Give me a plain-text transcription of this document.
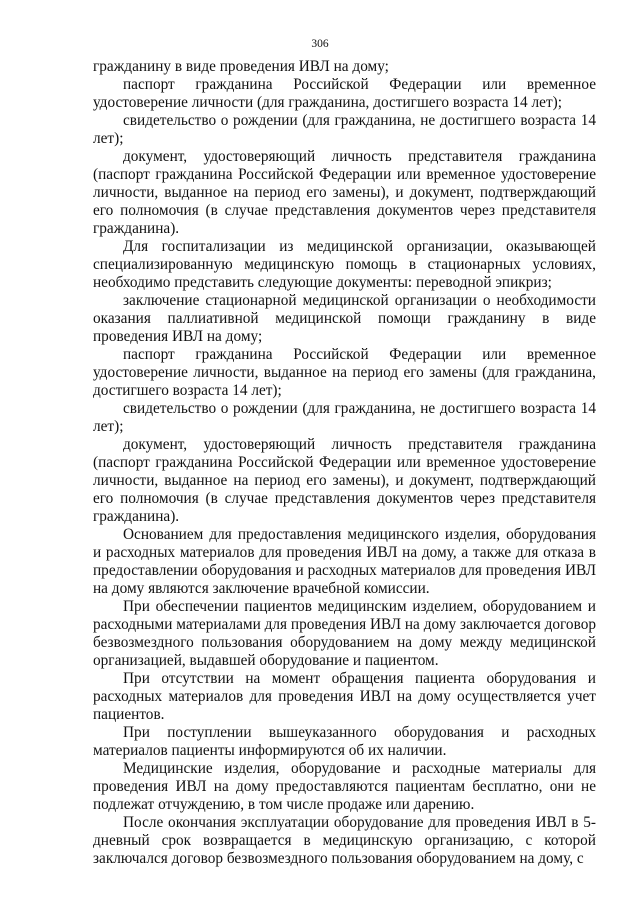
306

гражданину в виде проведения ИВЛ на дому;

паспорт гражданина Российской Федерации или временное удостоверение личности (для гражданина, достигшего возраста 14 лет);

свидетельство о рождении (для гражданина, не достигшего возраста 14 лет);

документ, удостоверяющий личность представителя гражданина (паспорт гражданина Российской Федерации или временное удостоверение личности, выданное на период его замены), и документ, подтверждающий его полномочия (в случае представления документов через представителя гражданина).

Для госпитализации из медицинской организации, оказывающей специализированную медицинскую помощь в стационарных условиях, необходимо представить следующие документы: переводной эпикриз;

заключение стационарной медицинской организации о необходимости оказания паллиативной медицинской помощи гражданину в виде проведения ИВЛ на дому;

паспорт гражданина Российской Федерации или временное удостоверение личности, выданное на период его замены (для гражданина, достигшего возраста 14 лет);

свидетельство о рождении (для гражданина, не достигшего возраста 14 лет);

документ, удостоверяющий личность представителя гражданина (паспорт гражданина Российской Федерации или временное удостоверение личности, выданное на период его замены), и документ, подтверждающий его полномочия (в случае представления документов через представителя гражданина).

Основанием для предоставления медицинского изделия, оборудования и расходных материалов для проведения ИВЛ на дому, а также для отказа в предоставлении оборудования и расходных материалов для проведения ИВЛ на дому являются заключение врачебной комиссии.

При обеспечении пациентов медицинским изделием, оборудованием и расходными материалами для проведения ИВЛ на дому заключается договор безвозмездного пользования оборудованием на дому между медицинской организацией, выдавшей оборудование и пациентом.

При отсутствии на момент обращения пациента оборудования и расходных материалов для проведения ИВЛ на дому осуществляется учет пациентов.

При поступлении вышеуказанного оборудования и расходных материалов пациенты информируются об их наличии.

Медицинские изделия, оборудование и расходные материалы для проведения ИВЛ на дому предоставляются пациентам бесплатно, они не подлежат отчуждению, в том числе продаже или дарению.

После окончания эксплуатации оборудование для проведения ИВЛ в 5-дневный срок возвращается в медицинскую организацию, с которой заключался договор безвозмездного пользования оборудованием на дому, с
